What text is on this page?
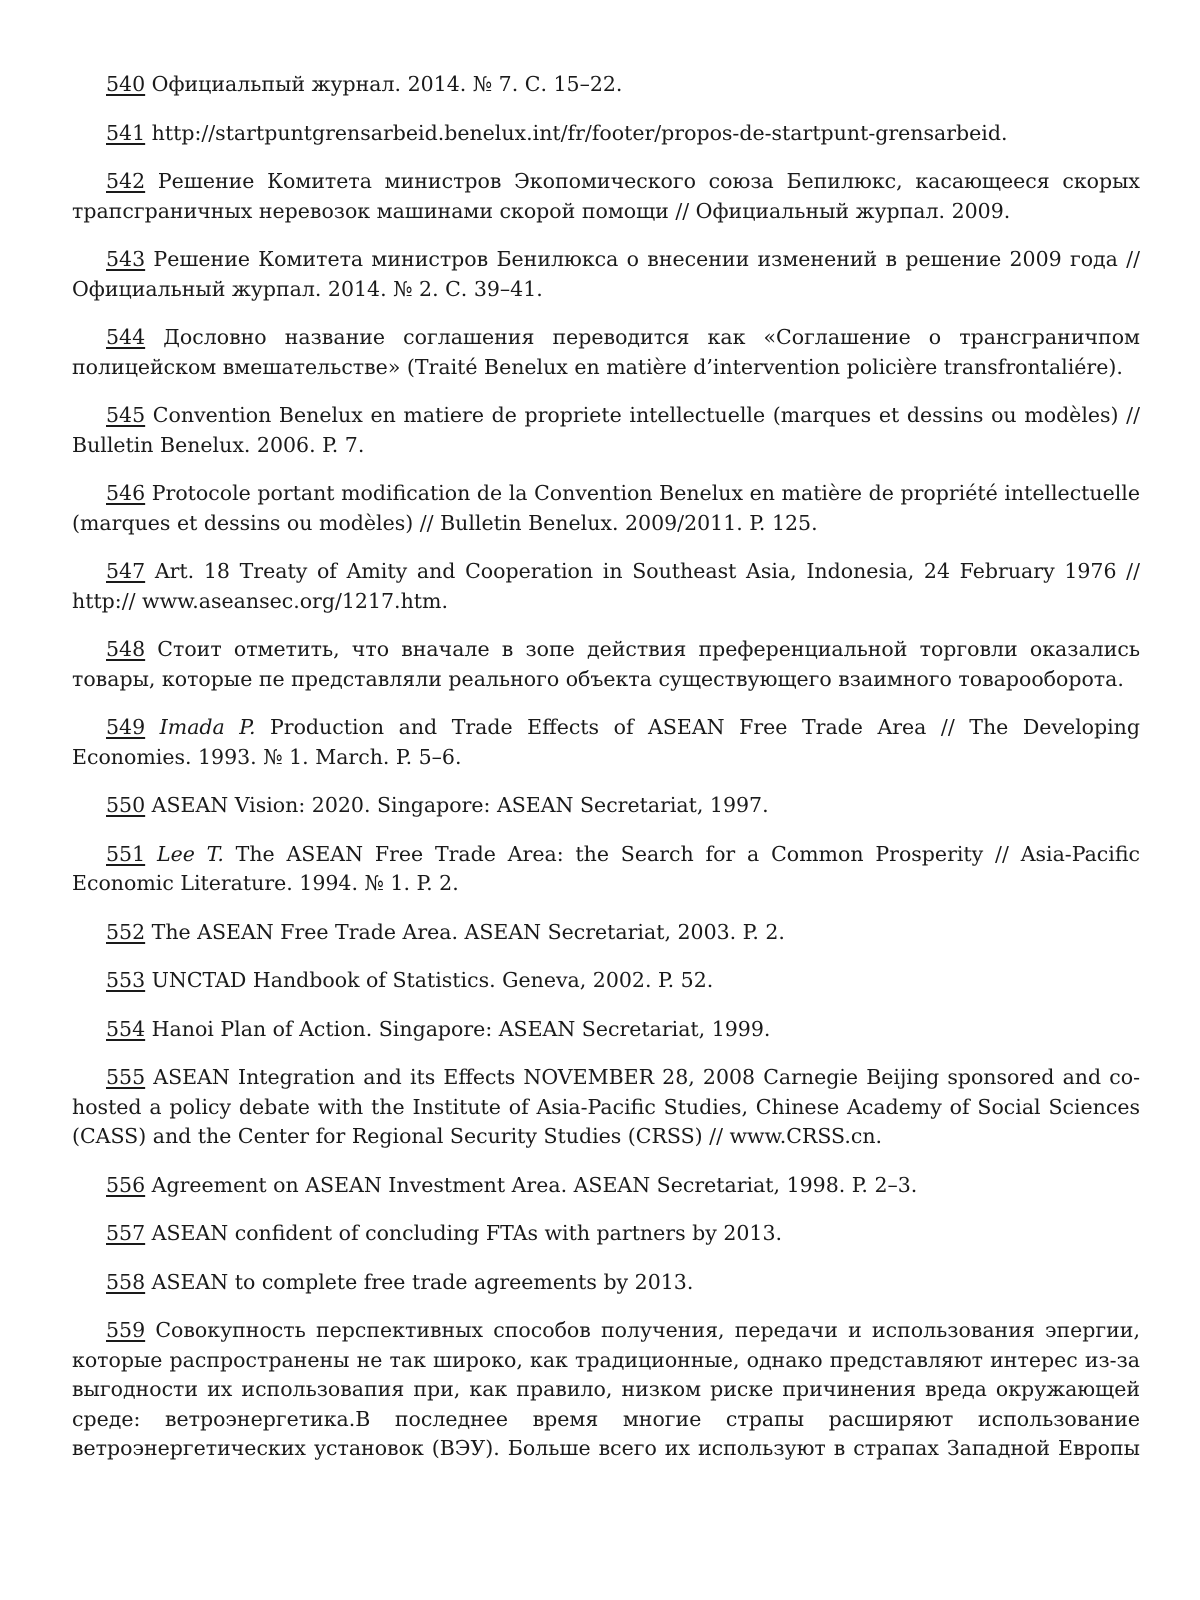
540 Официальпый журнал. 2014. № 7. С. 15–22.

541 http://startpuntgrensarbeid.benelux.int/fr/footer/propos-de-startpunt-grensarbeid.

542 Решение Комитета министров Экопомического союза Бепилюкс, касающееся скорых трапсграничных неревозок машинами скорой помощи // Официальный журпал. 2009.

543 Решение Комитета министров Бенилюкса о внесении изменений в решение 2009 года // Официальный журпал. 2014. № 2. С. 39–41.

544 Дословно название соглашения переводится как «Соглашение о трансграничпом полицейском вмешательстве» (Traité Benelux en matière d’intervention policière transfrontaliére).

545 Convention Benelux en matiere de propriete intellectuelle (marques et dessins ou modèles) // Bulletin Benelux. 2006. P. 7.

546 Protocole portant modification de la Convention Benelux en matière de propriété intellectuelle (marques et dessins ou modèles) // Bulletin Benelux. 2009/2011. P. 125.

547 Art. 18 Treaty of Amity and Cooperation in Southeast Asia, Indonesia, 24 February 1976 // http:// www.aseansec.org/1217.htm.

548 Стоит отметить, что вначале в зопе действия преференциальной торговли оказались товары, которые пе представляли реального объекта существующего взаимного товарооборота.

549 Imada P. Production and Trade Effects of ASEAN Free Trade Area // The Developing Economies. 1993. № 1. March. P. 5–6.

550 ASEAN Vision: 2020. Singapore: ASEAN Secretariat, 1997.

551 Lee T. The ASEAN Free Trade Area: the Search for a Common Prosperity // Asia-Pacific Economic Literature. 1994. № 1. P. 2.

552 The ASEAN Free Trade Area. ASEAN Secretariat, 2003. P. 2.

553 UNCTAD Handbook of Statistics. Geneva, 2002. P. 52.

554 Hanoi Plan of Action. Singapore: ASEAN Secretariat, 1999.

555 ASEAN Integration and its Effects NOVEMBER 28, 2008 Carnegie Beijing sponsored and co-hosted a policy debate with the Institute of Asia-Pacific Studies, Chinese Academy of Social Sciences (CASS) and the Center for Regional Security Studies (CRSS) // www.CRSS.cn.

556 Agreement on ASEAN Investment Area. ASEAN Secretariat, 1998. P. 2–3.

557 ASEAN confident of concluding FTAs with partners by 2013.

558 ASEAN to complete free trade agreements by 2013.

559 Совокупность перспективных способов получения, передачи и использования эпергии, которые распространены не так широко, как традиционные, однако представляют интерес из-за выгодности их использовапия при, как правило, низком риске причинения вреда окружающей среде: ветроэнергетика.В последнее время многие страпы расширяют использование ветроэнергетических установок (ВЭУ). Больше всего их используют в страпах Западной Европы
